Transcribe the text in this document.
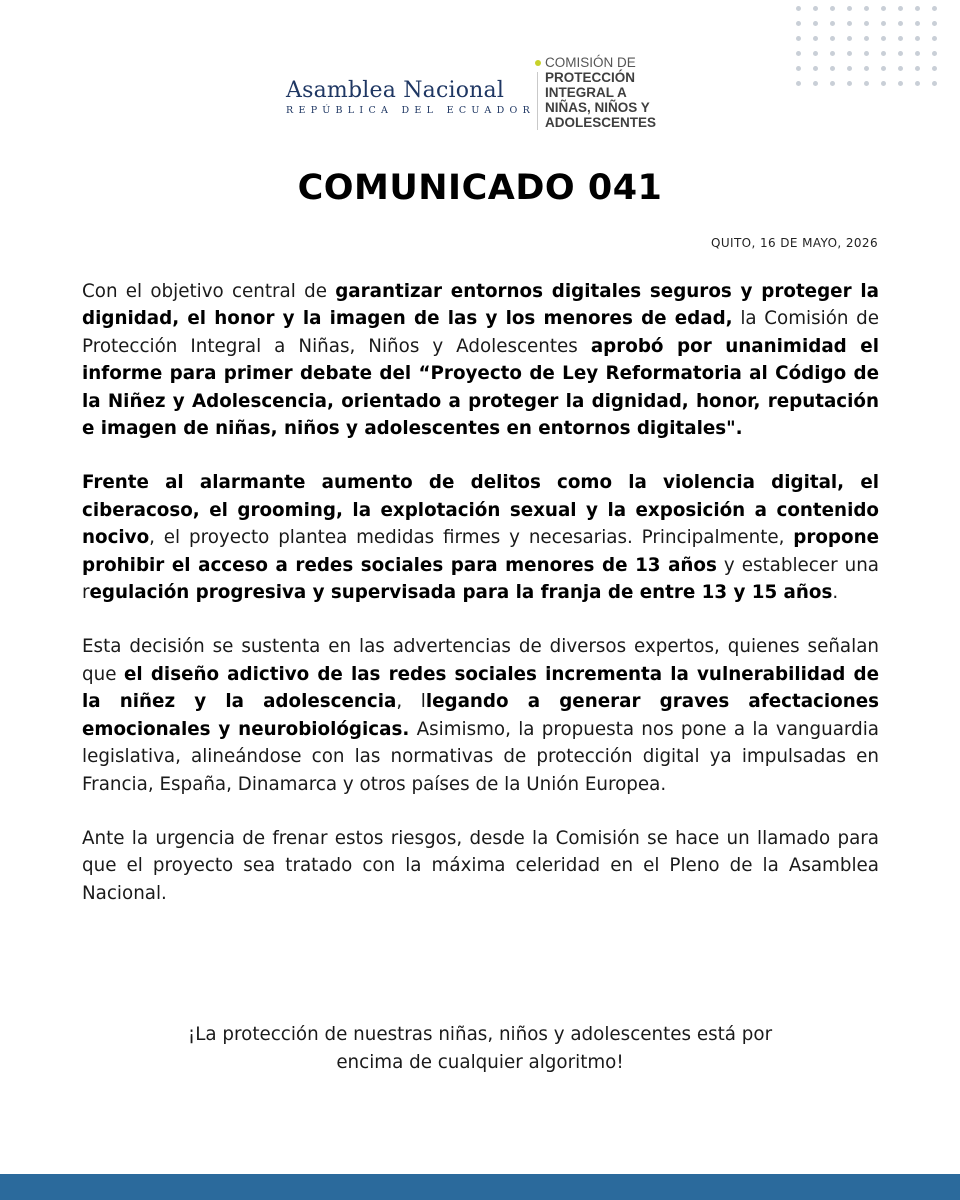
Asamblea Nacional
REPÚBLICA DEL ECUADOR
COMISIÓN DE
PROTECCIÓN
INTEGRAL A
NIÑAS, NIÑOS Y
ADOLESCENTES
COMUNICADO 041
QUITO, 16 DE MAYO, 2026

Con el objetivo central de garantizar entornos digitales seguros y proteger la dignidad, el honor y la imagen de las y los menores de edad, la Comisión de Protección Integral a Niñas, Niños y Adolescentes aprobó por unanimidad el informe para primer debate del “Proyecto de Ley Reformatoria al Código de la Niñez y Adolescencia, orientado a proteger la dignidad, honor, reputación e imagen de niñas, niños y adolescentes en entornos digitales".

Frente al alarmante aumento de delitos como la violencia digital, el ciberacoso, el grooming, la explotación sexual y la exposición a contenido nocivo, el proyecto plantea medidas firmes y necesarias. Principalmente, propone prohibir el acceso a redes sociales para menores de 13 años y establecer una regulación progresiva y supervisada para la franja de entre 13 y 15 años.

Esta decisión se sustenta en las advertencias de diversos expertos, quienes señalan que el diseño adictivo de las redes sociales incrementa la vulnerabilidad de la niñez y la adolescencia, llegando a generar graves afectaciones emocionales y neurobiológicas. Asimismo, la propuesta nos pone a la vanguardia legislativa, alineándose con las normativas de protección digital ya impulsadas en Francia, España, Dinamarca y otros países de la Unión Europea.

Ante la urgencia de frenar estos riesgos, desde la Comisión se hace un llamado para que el proyecto sea tratado con la máxima celeridad en el Pleno de la Asamblea Nacional.

¡La protección de nuestras niñas, niños y adolescentes está por
encima de cualquier algoritmo!
